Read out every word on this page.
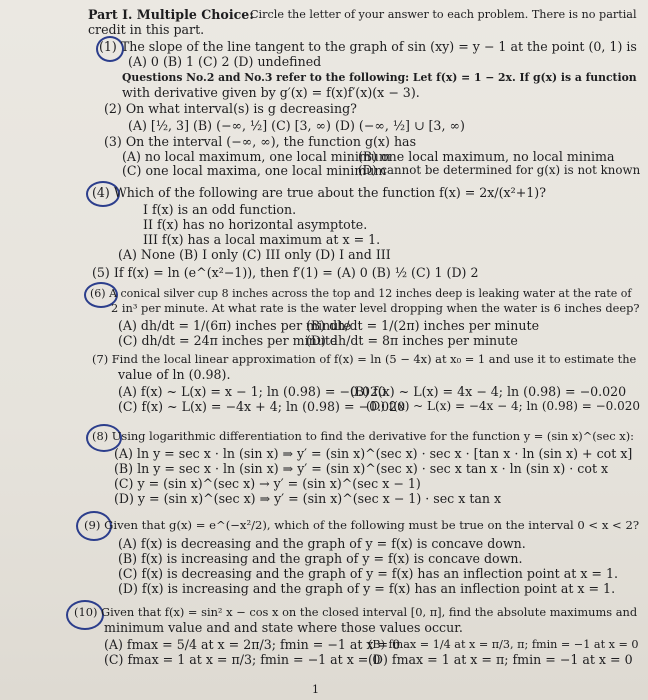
Part I. Multiple Choice:
Circle the letter of your answer to each problem. There is no partial
credit in this part.
(1) The slope of the line tangent to the graph of sin (xy) = y − 1 at the point (0, 1) is
(A) 0 (B) 1 (C) 2 (D) undefined
Questions No.2 and No.3 refer to the following: Let f(x) = 1 − 2x. If g(x) is a function
with derivative given by g′(x) = f(x)f′(x)(x − 3).
(2) On what interval(s) is g decreasing?
(A) [½, 3] (B) (−∞, ½] (C) [3, ∞) (D) (−∞, ½] ∪ [3, ∞)
(3) On the interval (−∞, ∞), the function g(x) has
(A) no local maximum, one local minimum
(B) one local maximum, no local minima
(C) one local maxima, one local minimum
(D) cannot be determined for g(x) is not known
(4) Which of the following are true about the function f(x) = 2x/(x²+1)?
I f(x) is an odd function.
II f(x) has no horizontal asymptote.
III f(x) has a local maximum at x = 1.
(A) None (B) I only (C) III only (D) I and III
(5) If f(x) = ln (e^(x²−1)), then f′(1) = (A) 0 (B) ½ (C) 1 (D) 2
(6) A conical silver cup 8 inches across the top and 12 inches deep is leaking water at the rate of
2 in³ per minute. At what rate is the water level dropping when the water is 6 inches deep?
(A) dh/dt = 1/(6π) inches per minute
(B) dh/dt = 1/(2π) inches per minute
(C) dh/dt = 24π inches per minute
(D) dh/dt = 8π inches per minute
(7) Find the local linear approximation of f(x) = ln (5 − 4x) at x₀ = 1 and use it to estimate the
value of ln (0.98).
(A) f(x) ~ L(x) = x − 1; ln (0.98) = −0.020
(B) f(x) ~ L(x) = 4x − 4; ln (0.98) = −0.020
(C) f(x) ~ L(x) = −4x + 4; ln (0.98) = −0.020
(D) f(x) ~ L(x) = −4x − 4; ln (0.98) = −0.020
(8) Using logarithmic differentiation to find the derivative for the function y = (sin x)^(sec x):
(A) ln y = sec x · ln (sin x) ⇒ y′ = (sin x)^(sec x) · sec x · [tan x · ln (sin x) + cot x]
(B) ln y = sec x · ln (sin x) ⇒ y′ = (sin x)^(sec x) · sec x tan x · ln (sin x) · cot x
(C) y = (sin x)^(sec x) → y′ = (sin x)^(sec x − 1)
(D) y = (sin x)^(sec x) ⇒ y′ = (sin x)^(sec x − 1) · sec x tan x
(9) Given that g(x) = e^(−x²/2), which of the following must be true on the interval 0 < x < 2?
(A) f(x) is decreasing and the graph of y = f(x) is concave down.
(B) f(x) is increasing and the graph of y = f(x) is concave down.
(C) f(x) is decreasing and the graph of y = f(x) has an inflection point at x = 1.
(D) f(x) is increasing and the graph of y = f(x) has an inflection point at x = 1.
(10) Given that f(x) = sin² x − cos x on the closed interval [0, π], find the absolute maximums and
minimum value and and state where those values occur.
(A) fmax = 5/4 at x = 2π/3; fmin = −1 at x = 0
(B) fmax = 1/4 at x = π/3, π; fmin = −1 at x = 0
(C) fmax = 1 at x = π/3; fmin = −1 at x = 0
(D) fmax = 1 at x = π; fmin = −1 at x = 0
1
